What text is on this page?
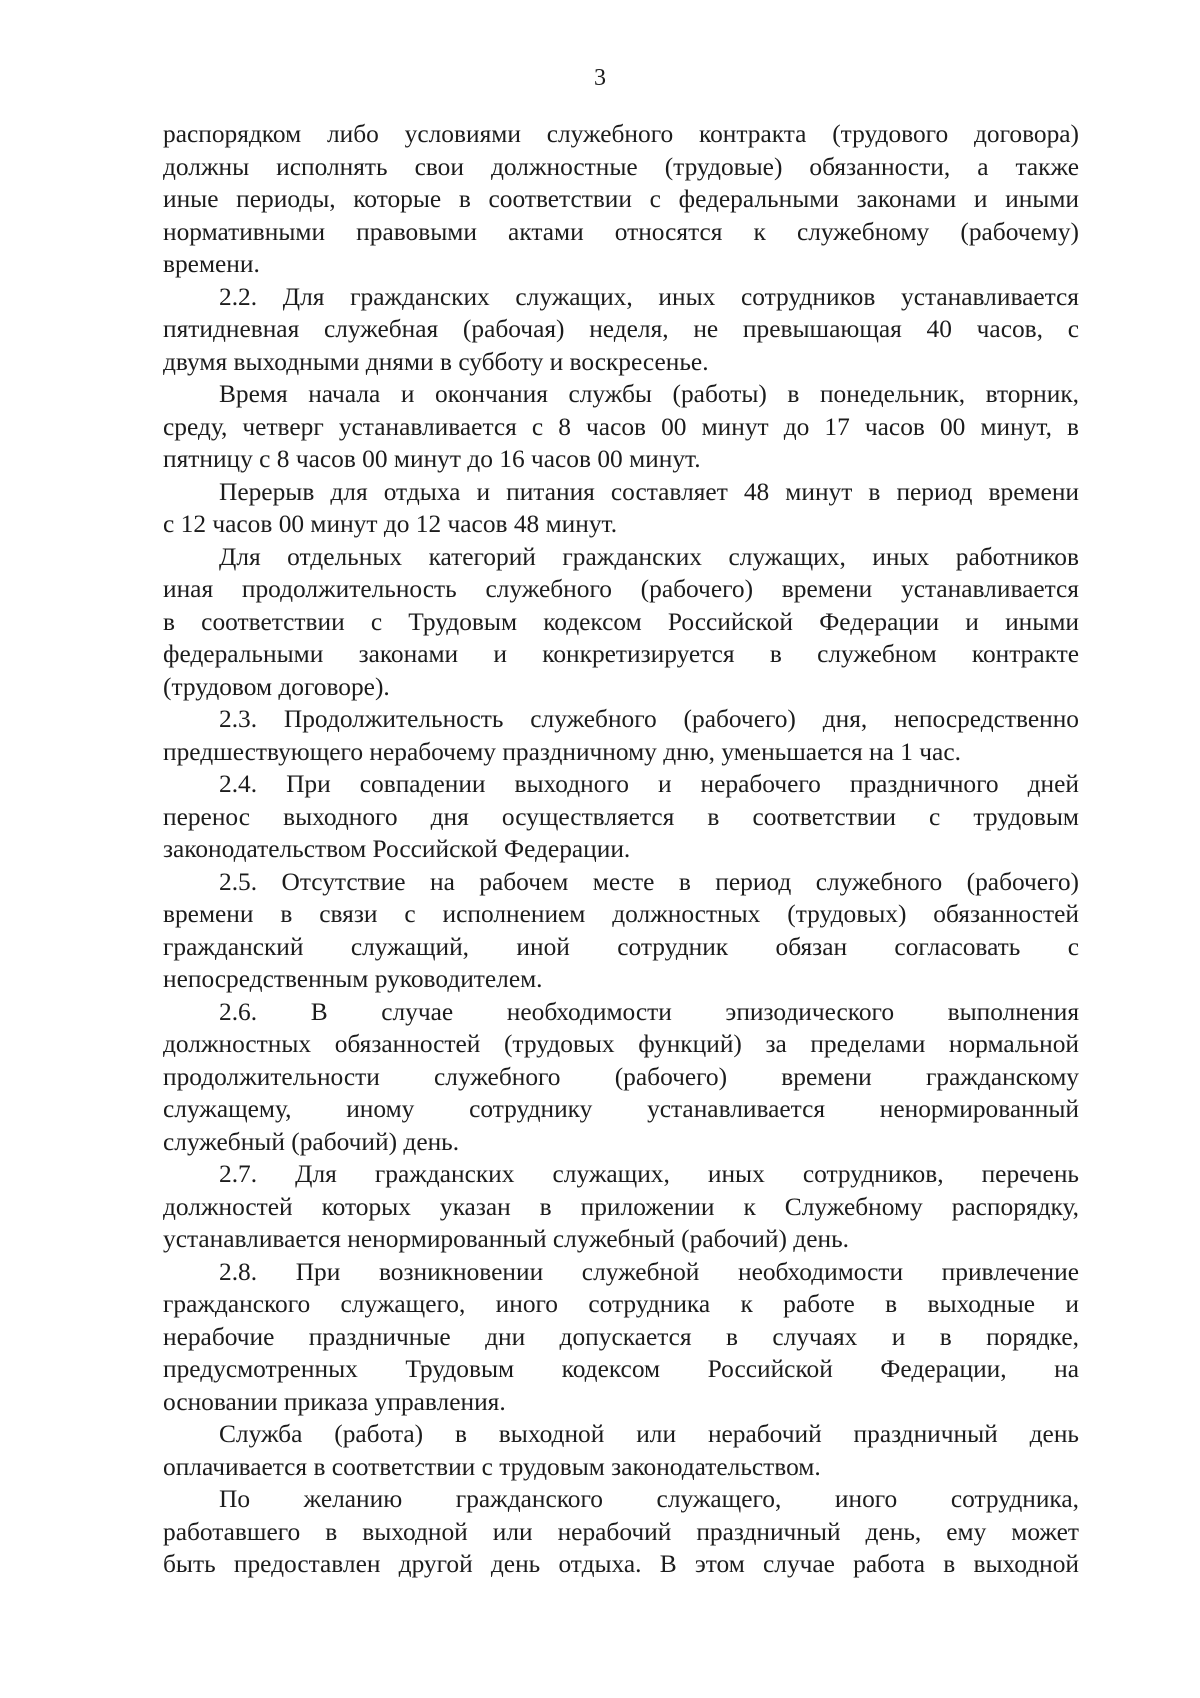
3

распорядком либо условиями служебного контракта (трудового договора)
должны исполнять свои должностные (трудовые) обязанности, а также
иные периоды, которые в соответствии с федеральными законами и иными
нормативными правовыми актами относятся к служебному (рабочему)
времени.

2.2. Для гражданских служащих, иных сотрудников устанавливается
пятидневная служебная (рабочая) неделя, не превышающая 40 часов, с
двумя выходными днями в субботу и воскресенье.

Время начала и окончания службы (работы) в понедельник, вторник,
среду, четверг устанавливается с 8 часов 00 минут до 17 часов 00 минут, в
пятницу с 8 часов 00 минут до 16 часов 00 минут.

Перерыв для отдыха и питания составляет 48 минут в период времени
с 12 часов 00 минут до 12 часов 48 минут.

Для отдельных категорий гражданских служащих, иных работников
иная продолжительность служебного (рабочего) времени устанавливается
в соответствии с Трудовым кодексом Российской Федерации и иными
федеральными законами и конкретизируется в служебном контракте
(трудовом договоре).

2.3. Продолжительность служебного (рабочего) дня, непосредственно
предшествующего нерабочему праздничному дню, уменьшается на 1 час.

2.4. При совпадении выходного и нерабочего праздничного дней
перенос выходного дня осуществляется в соответствии с трудовым
законодательством Российской Федерации.

2.5. Отсутствие на рабочем месте в период служебного (рабочего)
времени в связи с исполнением должностных (трудовых) обязанностей
гражданский служащий, иной сотрудник обязан согласовать с
непосредственным руководителем.

2.6. В случае необходимости эпизодического выполнения
должностных обязанностей (трудовых функций) за пределами нормальной
продолжительности служебного (рабочего) времени гражданскому
служащему, иному сотруднику устанавливается ненормированный
служебный (рабочий) день.

2.7. Для гражданских служащих, иных сотрудников, перечень
должностей которых указан в приложении к Служебному распорядку,
устанавливается ненормированный служебный (рабочий) день.

2.8. При возникновении служебной необходимости привлечение
гражданского служащего, иного сотрудника к работе в выходные и
нерабочие праздничные дни допускается в случаях и в порядке,
предусмотренных Трудовым кодексом Российской Федерации, на
основании приказа управления.

Служба (работа) в выходной или нерабочий праздничный день
оплачивается в соответствии с трудовым законодательством.

По желанию гражданского служащего, иного сотрудника,
работавшего в выходной или нерабочий праздничный день, ему может
быть предоставлен другой день отдыха. В этом случае работа в выходной
